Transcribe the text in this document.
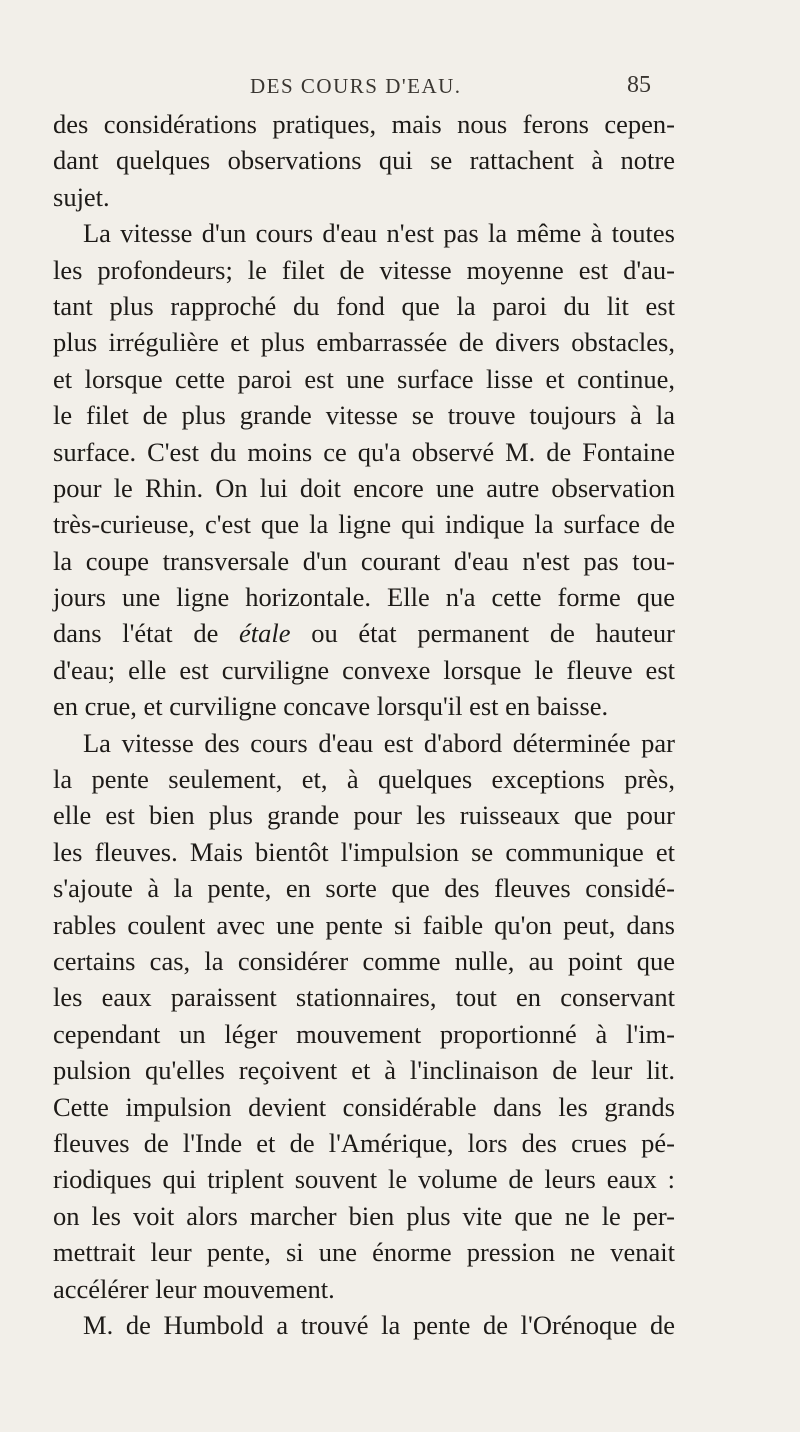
DES COURS D'EAU.	85
des considérations pratiques, mais nous ferons cepen-
dant quelques observations qui se rattachent à notre
sujet.
La vitesse d'un cours d'eau n'est pas la même à toutes
les profondeurs; le filet de vitesse moyenne est d'au-
tant plus rapproché du fond que la paroi du lit est
plus irrégulière et plus embarrassée de divers obstacles,
et lorsque cette paroi est une surface lisse et continue,
le filet de plus grande vitesse se trouve toujours à la
surface. C'est du moins ce qu'a observé M. de Fontaine
pour le Rhin. On lui doit encore une autre observation
très-curieuse, c'est que la ligne qui indique la surface de
la coupe transversale d'un courant d'eau n'est pas tou-
jours une ligne horizontale. Elle n'a cette forme que
dans l'état de étale ou état permanent de hauteur
d'eau; elle est curviligne convexe lorsque le fleuve est
en crue, et curviligne concave lorsqu'il est en baisse.
La vitesse des cours d'eau est d'abord déterminée par
la pente seulement, et, à quelques exceptions près,
elle est bien plus grande pour les ruisseaux que pour
les fleuves. Mais bientôt l'impulsion se communique et
s'ajoute à la pente, en sorte que des fleuves considé-
rables coulent avec une pente si faible qu'on peut, dans
certains cas, la considérer comme nulle, au point que
les eaux paraissent stationnaires, tout en conservant
cependant un léger mouvement proportionné à l'im-
pulsion qu'elles reçoivent et à l'inclinaison de leur lit.
Cette impulsion devient considérable dans les grands
fleuves de l'Inde et de l'Amérique, lors des crues pé-
riodiques qui triplent souvent le volume de leurs eaux :
on les voit alors marcher bien plus vite que ne le per-
mettrait leur pente, si une énorme pression ne venait
accélérer leur mouvement.
M. de Humbold a trouvé la pente de l'Orénoque de
